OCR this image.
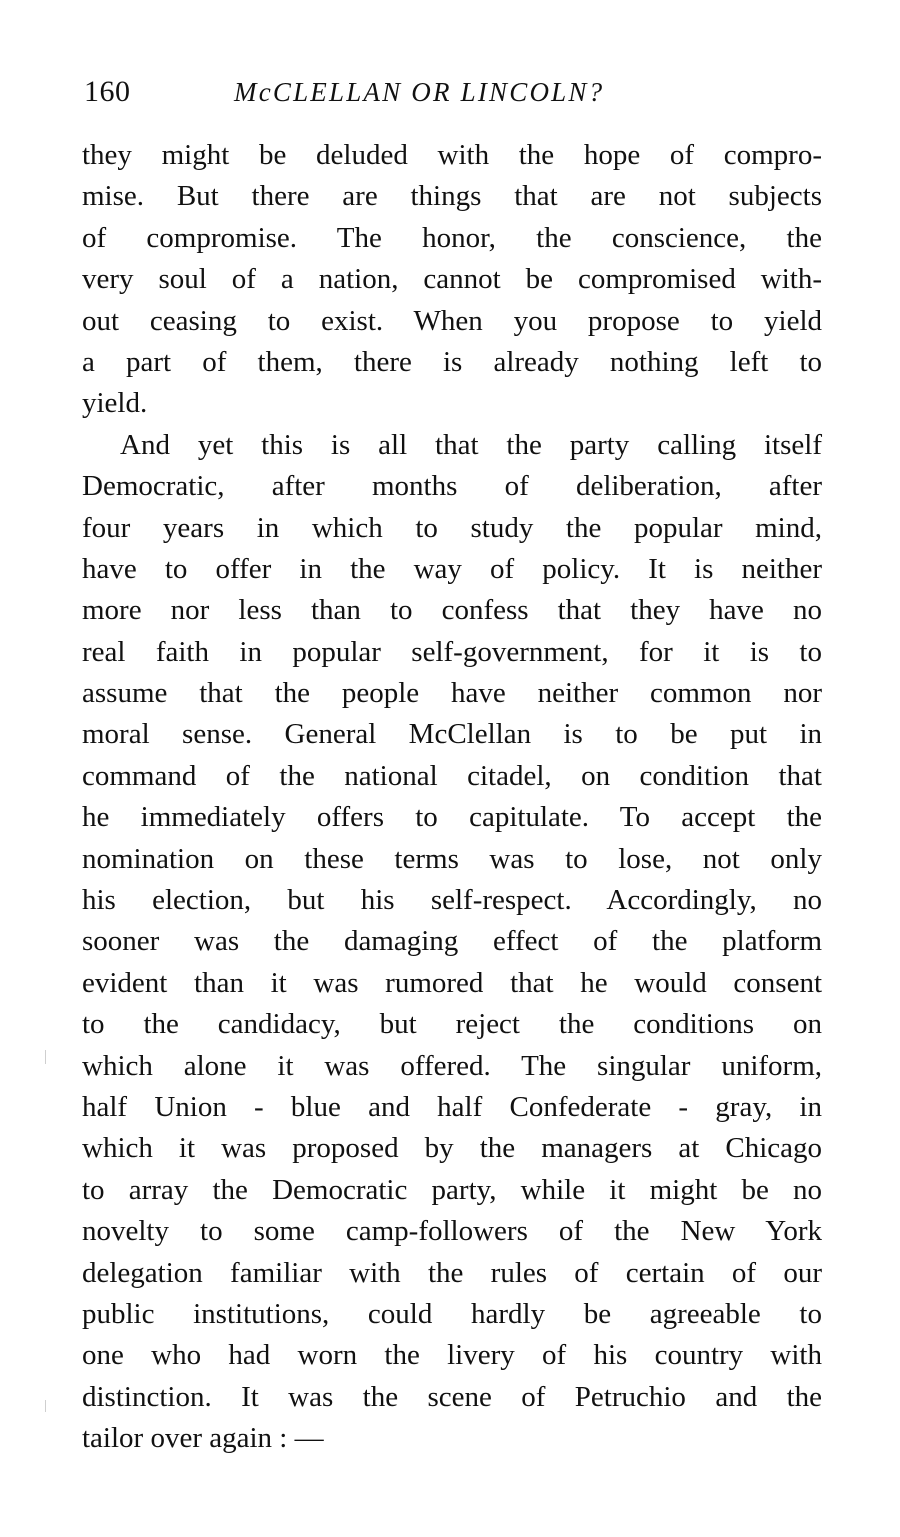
160	McCLELLAN OR LINCOLN?
they might be deluded with the hope of compro-
mise. But there are things that are not subjects
of compromise. The honor, the conscience, the
very soul of a nation, cannot be compromised with-
out ceasing to exist. When you propose to yield
a part of them, there is already nothing left to
yield.
And yet this is all that the party calling itself
Democratic, after months of deliberation, after
four years in which to study the popular mind,
have to offer in the way of policy. It is neither
more nor less than to confess that they have no
real faith in popular self-government, for it is to
assume that the people have neither common nor
moral sense. General McClellan is to be put in
command of the national citadel, on condition that
he immediately offers to capitulate. To accept the
nomination on these terms was to lose, not only
his election, but his self-respect. Accordingly, no
sooner was the damaging effect of the platform
evident than it was rumored that he would consent
to the candidacy, but reject the conditions on
which alone it was offered. The singular uniform,
half Union - blue and half Confederate - gray, in
which it was proposed by the managers at Chicago
to array the Democratic party, while it might be no
novelty to some camp-followers of the New York
delegation familiar with the rules of certain of our
public institutions, could hardly be agreeable to
one who had worn the livery of his country with
distinction. It was the scene of Petruchio and the
tailor over again : —
